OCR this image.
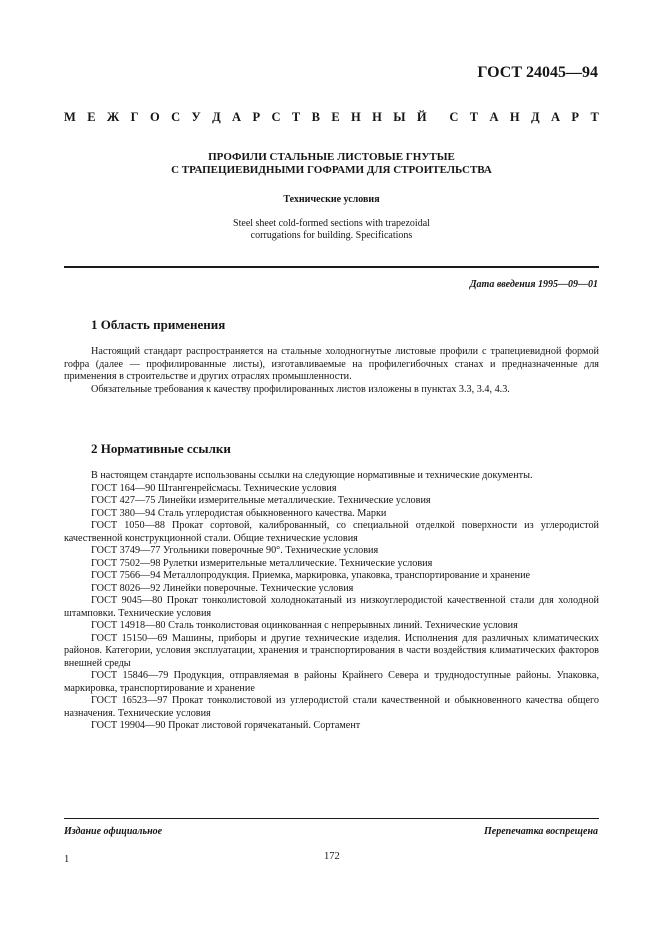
ГОСТ 24045—94
М Е Ж Г О С У Д А Р С Т В Е Н Н Ы Й С Т А Н Д А Р Т
ПРОФИЛИ СТАЛЬНЫЕ ЛИСТОВЫЕ ГНУТЫЕ
С ТРАПЕЦИЕВИДНЫМИ ГОФРАМИ ДЛЯ СТРОИТЕЛЬСТВА
Технические условия
Steel sheet cold-formed sections with trapezoidal
corrugations for building. Specifications
Дата введения 1995—09—01
1 Область применения

Настоящий стандарт распространяется на стальные холодногнутые листовые профили с трапециевидной формой гофра (далее — профилированные листы), изготавливаемые на профилегибочных станах и предназначенные для применения в строительстве и других отраслях промышленности.

Обязательные требования к качеству профилированных листов изложены в пунктах 3.3, 3.4, 4.3.

2 Нормативные ссылки

В настоящем стандарте использованы ссылки на следующие нормативные и технические документы.

ГОСТ 164—90 Штангенрейсмасы. Технические условия

ГОСТ 427—75 Линейки измерительные металлические. Технические условия

ГОСТ 380—94 Сталь углеродистая обыкновенного качества. Марки

ГОСТ 1050—88 Прокат сортовой, калиброванный, со специальной отделкой поверхности из углеродистой качественной конструкционной стали. Общие технические условия

ГОСТ 3749—77 Угольники поверочные 90°. Технические условия

ГОСТ 7502—98 Рулетки измерительные металлические. Технические условия

ГОСТ 7566—94 Металлопродукция. Приемка, маркировка, упаковка, транспортирование и хранение

ГОСТ 8026—92 Линейки поверочные. Технические условия

ГОСТ 9045—80 Прокат тонколистовой холоднокатаный из низкоуглеродистой качественной стали для холодной штамповки. Технические условия

ГОСТ 14918—80 Сталь тонколистовая оцинкованная с непрерывных линий. Технические условия

ГОСТ 15150—69 Машины, приборы и другие технические изделия. Исполнения для различных климатических районов. Категории, условия эксплуатации, хранения и транспортирования в части воздействия климатических факторов внешней среды

ГОСТ 15846—79 Продукция, отправляемая в районы Крайнего Севера и труднодоступные районы. Упаковка, маркировка, транспортирование и хранение

ГОСТ 16523—97 Прокат тонколистовой из углеродистой стали качественной и обыкновенного качества общего назначения. Технические условия

ГОСТ 19904—90 Прокат листовой горячекатаный. Сортамент

Издание официальное	Перепечатка воспрещена
1	172
